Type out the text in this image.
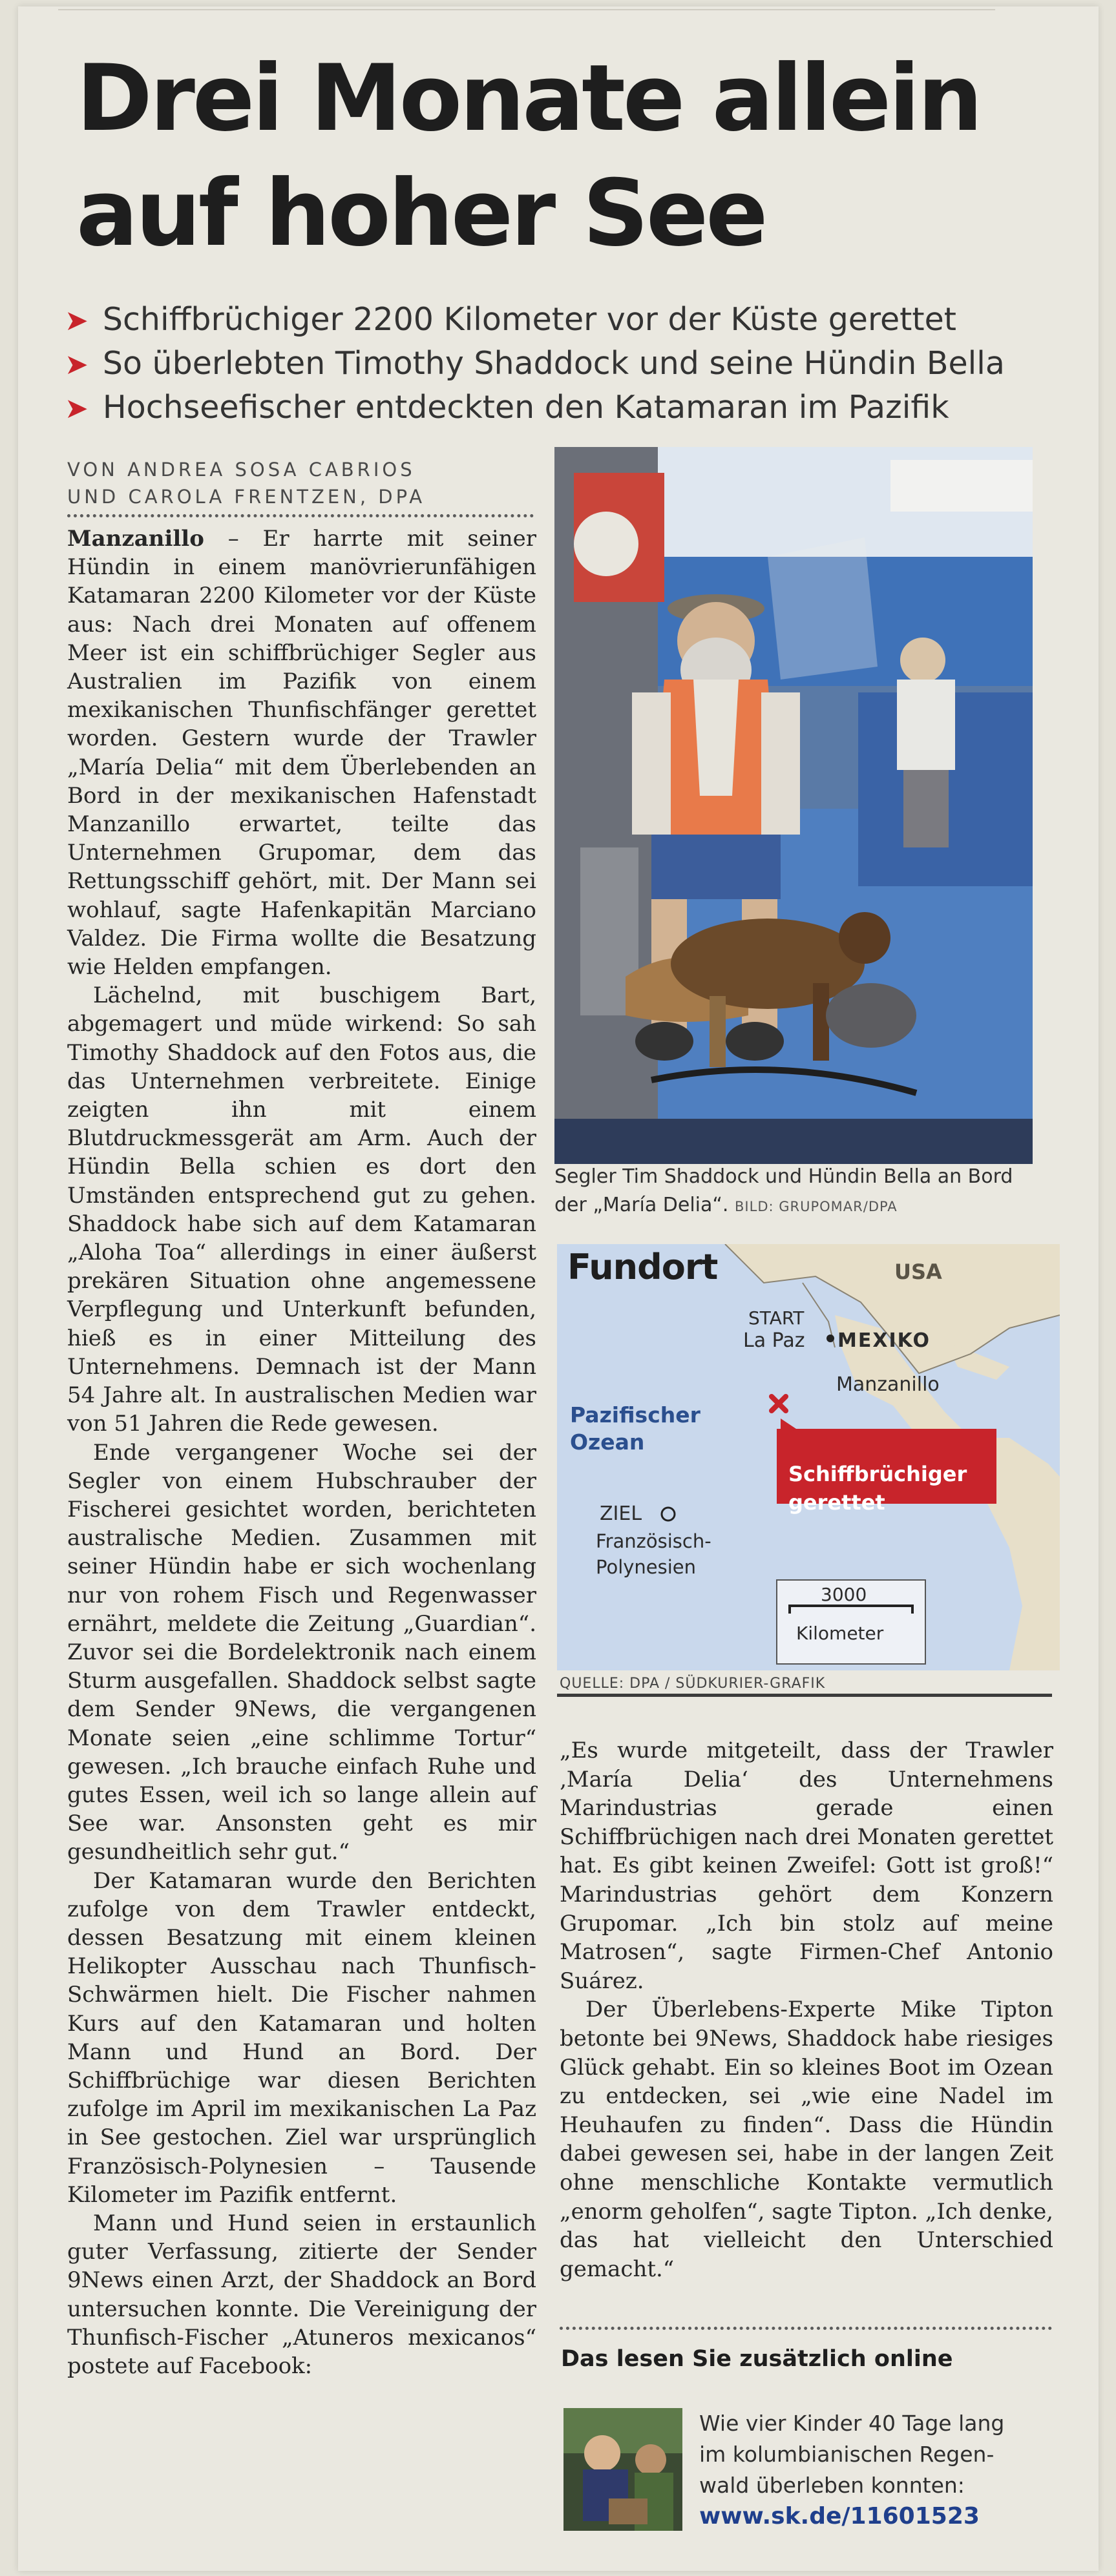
Drei Monate allein
auf hoher See
➤ Schiffbrüchiger 2200 Kilometer vor der Küste gerettet
➤ So überlebten Timothy Shaddock und seine Hündin Bella
➤ Hochseefischer entdeckten den Katamaran im Pazifik
VON ANDREA SOSA CABRIOS
UND CAROLA FRENTZEN, DPA

Manzanillo – Er harrte mit seiner Hündin in einem manövrierunfähigen Katamaran 2200 Kilometer vor der Küste aus: Nach drei Monaten auf offenem Meer ist ein schiffbrüchiger Segler aus Australien im Pazifik von einem mexikanischen Thunfischfänger gerettet worden. Gestern wurde der Trawler „María Delia“ mit dem Überlebenden an Bord in der mexikanischen Hafenstadt Manzanillo erwartet, teilte das Unternehmen Grupomar, dem das Rettungsschiff gehört, mit. Der Mann sei wohlauf, sagte Hafenkapitän Marciano Valdez. Die Firma wollte die Besatzung wie Helden empfangen.

Lächelnd, mit buschigem Bart, abgemagert und müde wirkend: So sah Timothy Shaddock auf den Fotos aus, die das Unternehmen verbreitete. Einige zeigten ihn mit einem Blutdruckmessgerät am Arm. Auch der Hündin Bella schien es dort den Umständen entsprechend gut zu gehen. Shaddock habe sich auf dem Katamaran „Aloha Toa“ allerdings in einer äußerst prekären Situation ohne angemessene Verpflegung und Unterkunft befunden, hieß es in einer Mitteilung des Unternehmens. Demnach ist der Mann 54 Jahre alt. In australischen Medien war von 51 Jahren die Rede gewesen.

Ende vergangener Woche sei der Segler von einem Hubschrauber der Fischerei gesichtet worden, berichteten australische Medien. Zusammen mit seiner Hündin habe er sich wochenlang nur von rohem Fisch und Regenwasser ernährt, meldete die Zeitung „Guardian“. Zuvor sei die Bordelektronik nach einem Sturm ausgefallen. Shaddock selbst sagte dem Sender 9News, die vergangenen Monate seien „eine schlimme Tortur“ gewesen. „Ich brauche einfach Ruhe und gutes Essen, weil ich so lange allein auf See war. Ansonsten geht es mir gesundheitlich sehr gut.“

Der Katamaran wurde den Berichten zufolge von dem Trawler entdeckt, dessen Besatzung mit einem kleinen Helikopter Ausschau nach Thunfisch-Schwärmen hielt. Die Fischer nahmen Kurs auf den Katamaran und holten Mann und Hund an Bord. Der Schiffbrüchige war diesen Berichten zufolge im April im mexikanischen La Paz in See gestochen. Ziel war ursprünglich Französisch-Polynesien – Tausende Kilometer im Pazifik entfernt.

Mann und Hund seien in erstaunlich guter Verfassung, zitierte der Sender 9News einen Arzt, der Shaddock an Bord untersuchen konnte. Die Vereinigung der Thunfisch-Fischer „Atuneros mexicanos“ postete auf Facebook:

Segler Tim Shaddock und Hündin Bella an Bord der „María Delia“. BILD: GRUPOMAR/DPA
Fundort	USA
START
La Paz MEXIKO
Manzanillo
Pazifischer
Ozean
Schiffbrüchiger
gerettet
ZIEL
Französisch-
Polynesien
3000
Kilometer
QUELLE: DPA / SÜDKURIER-GRAFIK

„Es wurde mitgeteilt, dass der Trawler ‚María Delia‘ des Unternehmens Marindustrias gerade einen Schiffbrüchigen nach drei Monaten gerettet hat. Es gibt keinen Zweifel: Gott ist groß!“ Marindustrias gehört dem Konzern Grupomar. „Ich bin stolz auf meine Matrosen“, sagte Firmen-Chef Antonio Suárez.

Der Überlebens-Experte Mike Tipton betonte bei 9News, Shaddock habe riesiges Glück gehabt. Ein so kleines Boot im Ozean zu entdecken, sei „wie eine Nadel im Heuhaufen zu finden“. Dass die Hündin dabei gewesen sei, habe in der langen Zeit ohne menschliche Kontakte vermutlich „enorm geholfen“, sagte Tipton. „Ich denke, das hat vielleicht den Unterschied gemacht.“

Das lesen Sie zusätzlich online
Wie vier Kinder 40 Tage lang
im kolumbianischen Regen-
wald überleben konnten:
www.sk.de/11601523
